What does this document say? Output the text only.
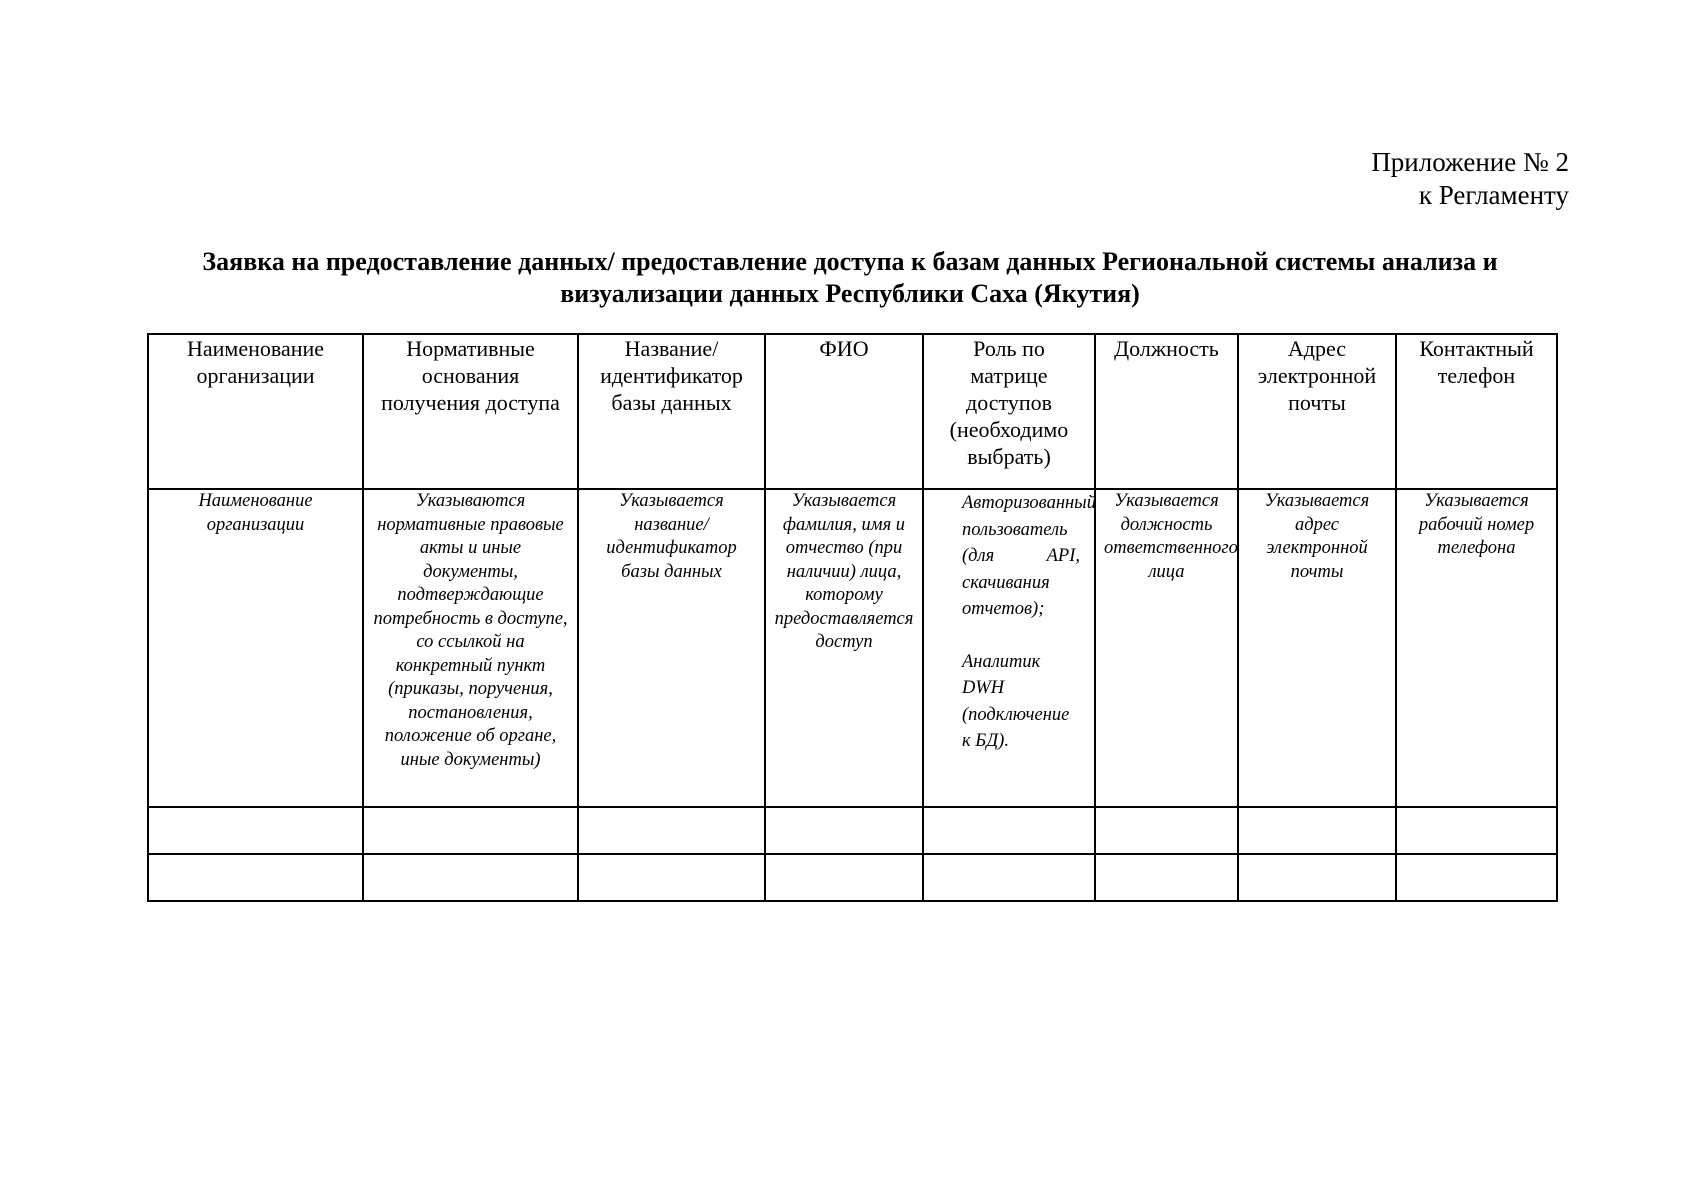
Приложение № 2
к Регламенту
Заявка на предоставление данных/ предоставление доступа к базам данных Региональной системы анализа и визуализации данных Республики Саха (Якутия)
Наименование организации	Нормативные основания получения доступа	Название/ идентификатор базы данных	ФИО	Роль по матрице доступов (необходимо выбрать)	Должность	Адрес электронной почты	Контактный телефон

Наименование организации	Указываются нормативные правовые акты и иные документы, подтверждающие потребность в доступе, со ссылкой на конкретный пункт (приказы, поручения, постановления, положение об органе, иные документы)	Указывается название/идентификатор базы данных	Указывается фамилия, имя и отчество (при наличии) лица, которому предоставляется доступ	Авторизованный пользователь (для API, скачивания отчетов);
Аналитик DWH (подключение к БД).	Указывается должность ответственного лица	Указывается адрес электронной почты	Указывается рабочий номер телефона
